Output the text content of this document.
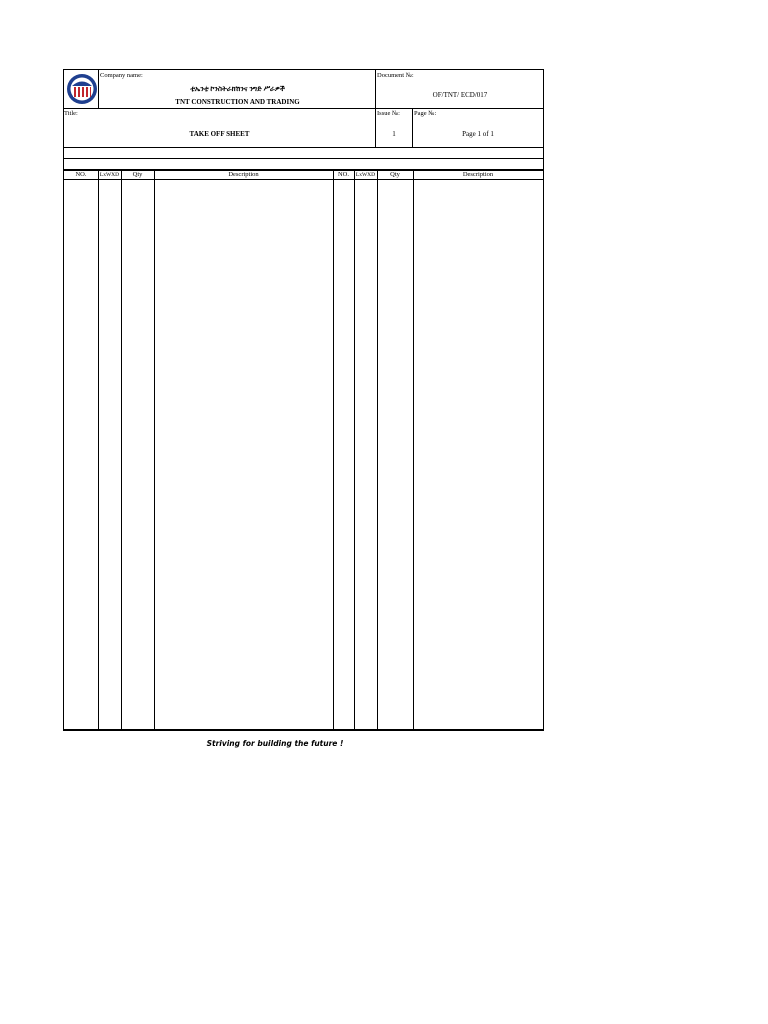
Company name:
ቲኤንቲ ኮንስትራክሽንና ንግድ ሥራዎች
TNT CONSTRUCTION AND TRADING
Document №:
OF/TNT/ ECD/017
Title:
TAKE OFF SHEET
Issue №:
1
Page №:
Page 1 of 1
NO.	LxWXD	Qty	Description	NO.	LxWXD	Qty	Description
Striving for building the future !
